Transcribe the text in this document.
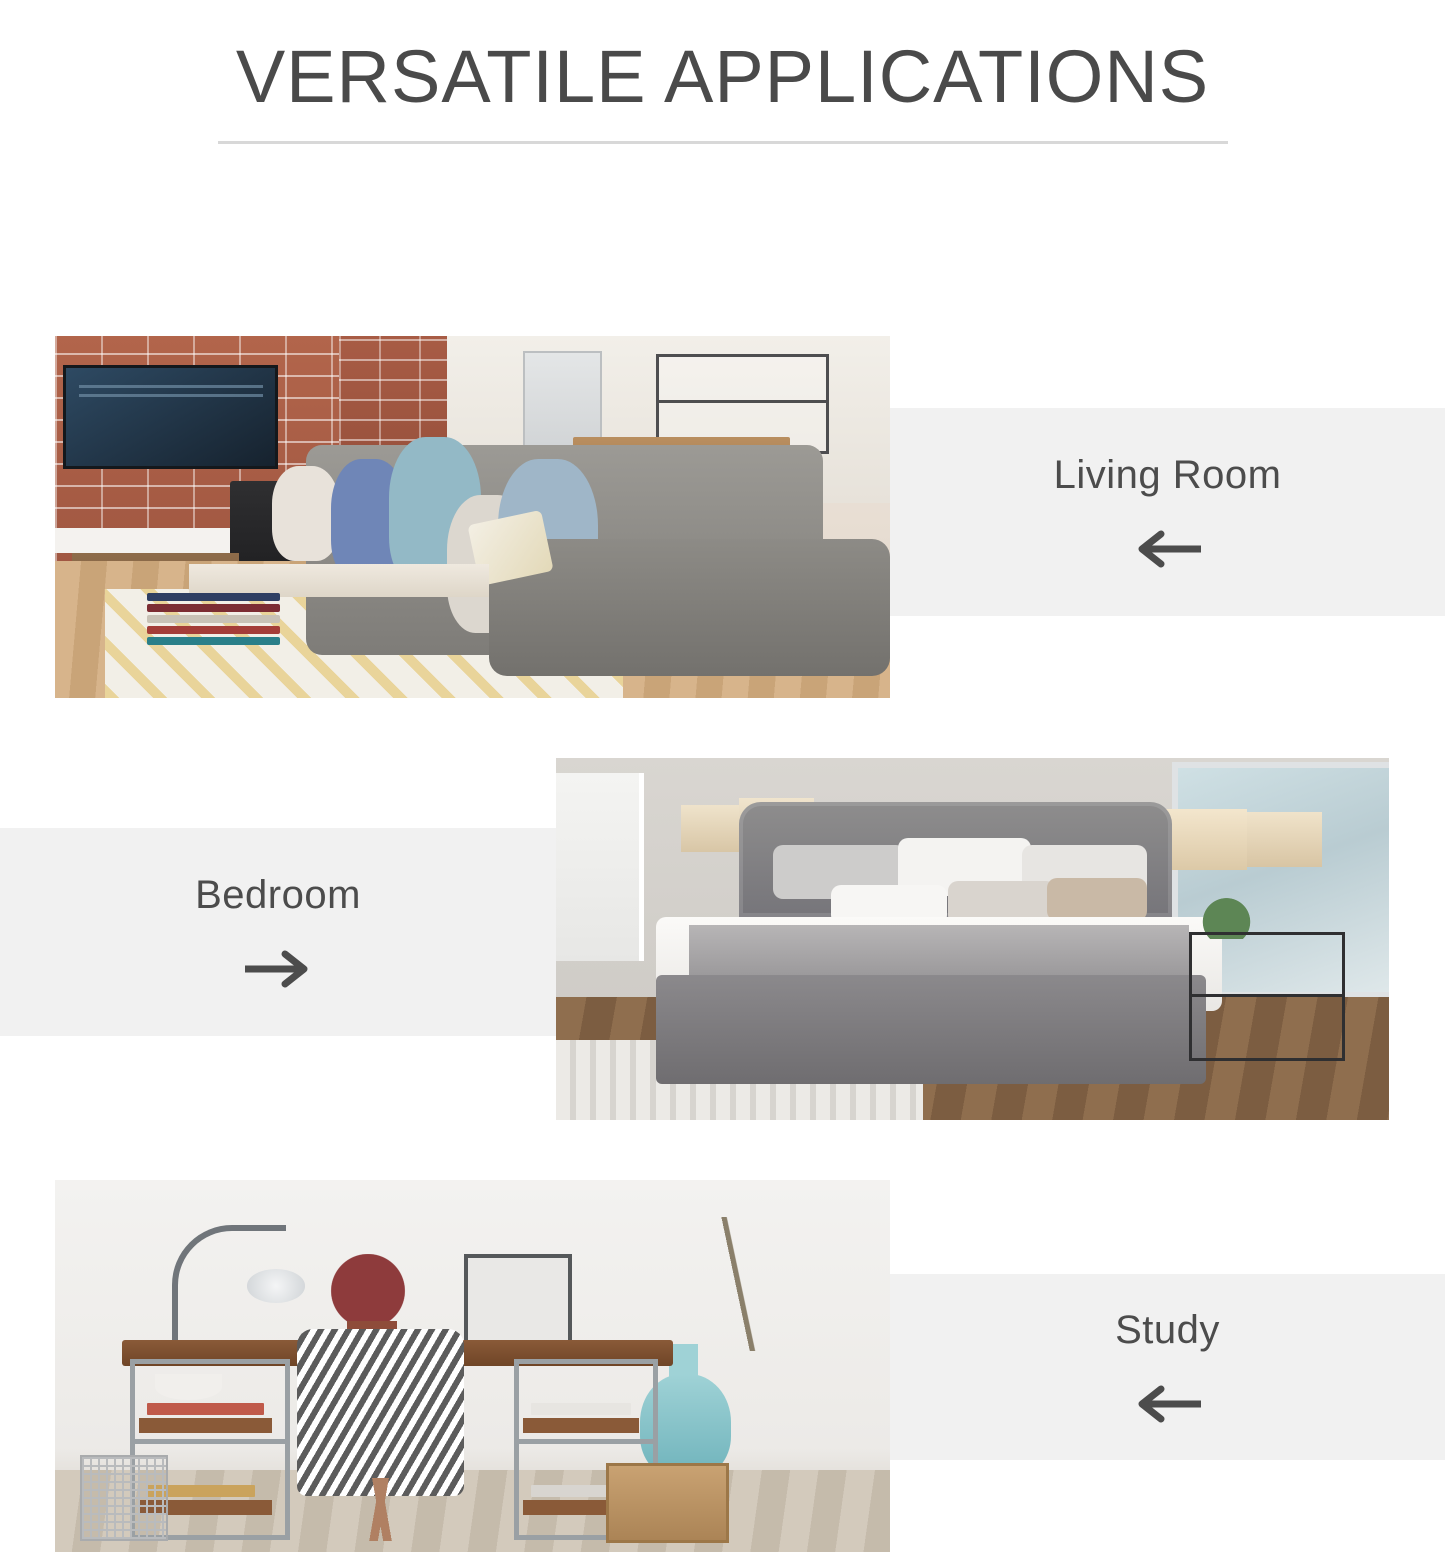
VERSATILE APPLICATIONS
Living Room
Bedroom
Study
